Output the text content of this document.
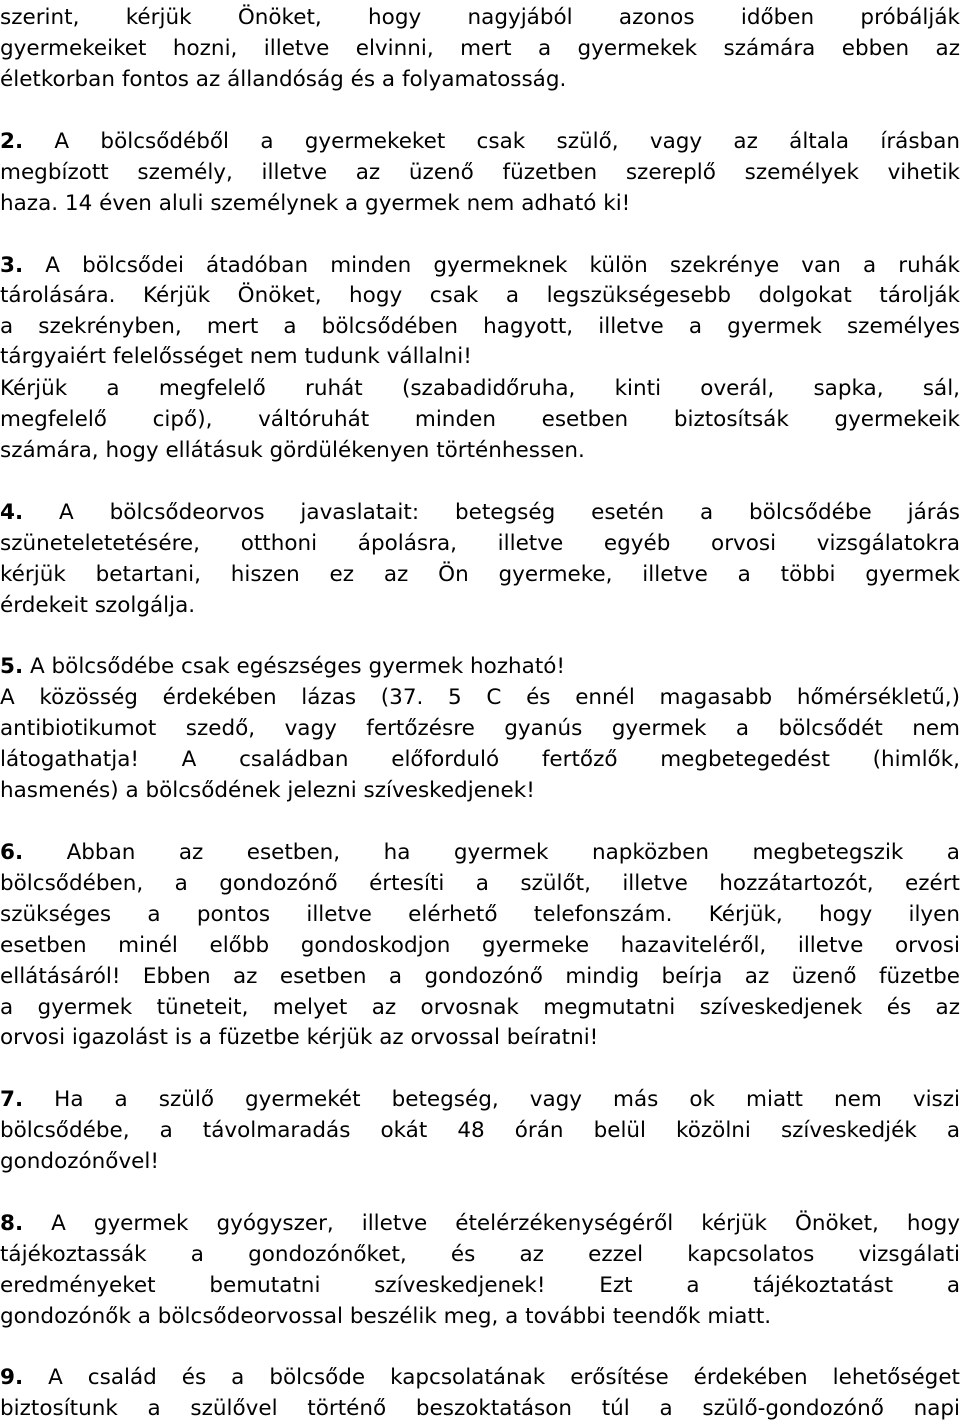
szerint, kérjük Önöket, hogy nagyjából azonos időben próbálják

gyermekeiket hozni, illetve elvinni, mert a gyermekek számára ebben az

életkorban fontos az állandóság és a folyamatosság.

2. A bölcsődéből a gyermekeket csak szülő, vagy az általa írásban

megbízott személy, illetve az üzenő füzetben szereplő személyek vihetik

haza. 14 éven aluli személynek a gyermek nem adható ki!

3. A bölcsődei átadóban minden gyermeknek külön szekrénye van a ruhák

tárolására. Kérjük Önöket, hogy csak a legszükségesebb dolgokat tárolják

a szekrényben, mert a bölcsődében hagyott, illetve a gyermek személyes

tárgyaiért felelősséget nem tudunk vállalni!

Kérjük a megfelelő ruhát (szabadidőruha, kinti overál, sapka, sál,

megfelelő cipő), váltóruhát minden esetben biztosítsák gyermekeik

számára, hogy ellátásuk gördülékenyen történhessen.

4. A bölcsődeorvos javaslatait: betegség esetén a bölcsődébe járás

szüneteletetésére, otthoni ápolásra, illetve egyéb orvosi vizsgálatokra

kérjük betartani, hiszen ez az Ön gyermeke, illetve a többi gyermek

érdekeit szolgálja.

5. A bölcsődébe csak egészséges gyermek hozható!

A közösség érdekében lázas (37. 5 C és ennél magasabb hőmérsékletű,)

antibiotikumot szedő, vagy fertőzésre gyanús gyermek a bölcsődét nem

látogathatja! A családban előforduló fertőző megbetegedést (himlők,

hasmenés) a bölcsődének jelezni szíveskedjenek!

6. Abban az esetben, ha gyermek napközben megbetegszik a

bölcsődében, a gondozónő értesíti a szülőt, illetve hozzátartozót, ezért

szükséges a pontos illetve elérhető telefonszám. Kérjük, hogy ilyen

esetben minél előbb gondoskodjon gyermeke hazaviteléről, illetve orvosi

ellátásáról! Ebben az esetben a gondozónő mindig beírja az üzenő füzetbe

a gyermek tüneteit, melyet az orvosnak megmutatni szíveskedjenek és az

orvosi igazolást is a füzetbe kérjük az orvossal beíratni!

7. Ha a szülő gyermekét betegség, vagy más ok miatt nem viszi

bölcsődébe, a távolmaradás okát 48 órán belül közölni szíveskedjék a

gondozónővel!

8. A gyermek gyógyszer, illetve ételérzékenységéről kérjük Önöket, hogy

tájékoztassák a gondozónőket, és az ezzel kapcsolatos vizsgálati

eredményeket bemutatni szíveskedjenek! Ezt a tájékoztatást a

gondozónők a bölcsődeorvossal beszélik meg, a további teendők miatt.

9. A család és a bölcsőde kapcsolatának erősítése érdekében lehetőséget

biztosítunk a szülővel történő beszoktatáson túl a szülő-gondozónő napi
